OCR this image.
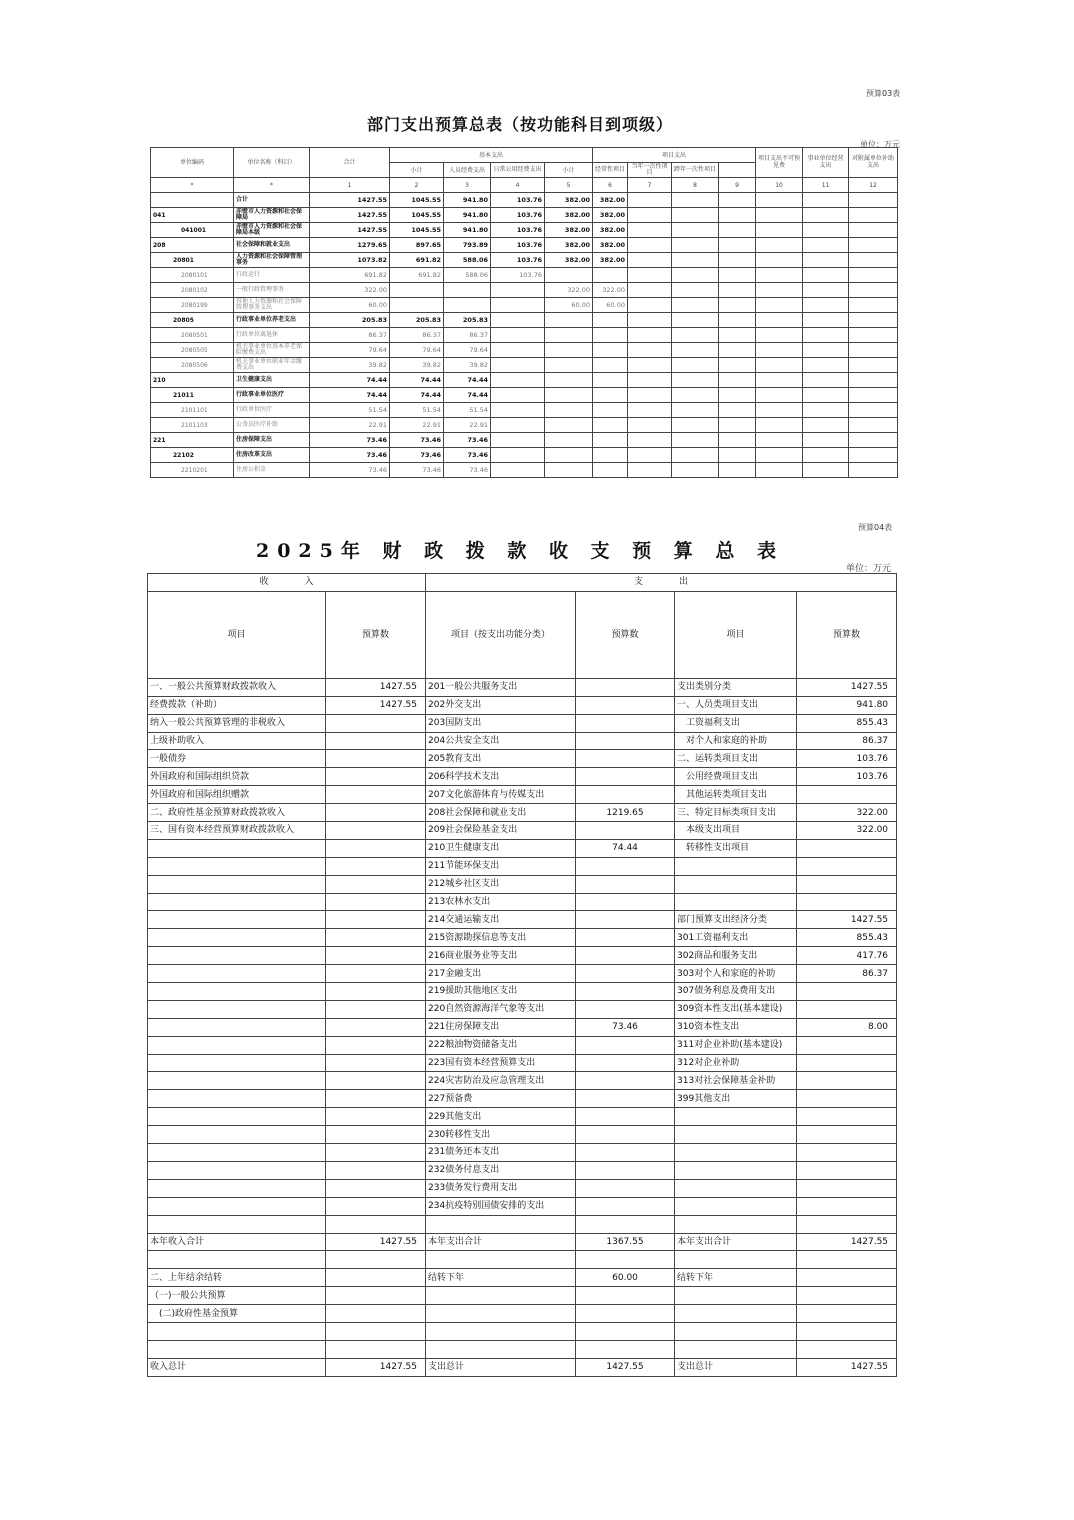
预算03表
部门支出预算总表（按功能科目到项级）
单位：万元
单位编码	单位名称（科目）	合计	基本支出				项目支出				项目支出不可预见费	事业单位经营支出	对附属单位补助支出
			小计	人员经费支出	日常公用经费支出	小计	经常性项目	当年一次性项目	跨年一次性项目				
*	*	1	2	3	4	5	6	7	8	9	10	11	12
	合计	1427.55	1045.55	941.80	103.76	382.00	382.00						
041	赤壁市人力资源和社会保障局	1427.55	1045.55	941.80	103.76	382.00	382.00						
041001	赤壁市人力资源和社会保障局本级	1427.55	1045.55	941.80	103.76	382.00	382.00						
208	社会保障和就业支出	1279.65	897.65	793.89	103.76	382.00	382.00						
20801	人力资源和社会保障管理事务	1073.82	691.82	588.06	103.76	382.00	382.00						
2080101	行政运行	691.82	691.82	588.06	103.76								
2080102	一般行政管理事务	322.00				322.00	322.00						
2080199	其他人力资源和社会保障管理事务支出	60.00				60.00	60.00						
20805	行政事业单位养老支出	205.83	205.83	205.83									
2080501	行政单位离退休	86.37	86.37	86.37									
2080505	机关事业单位基本养老保险缴费支出	79.64	79.64	79.64									
2080506	机关事业单位职业年金缴费支出	39.82	39.82	39.82									
210	卫生健康支出	74.44	74.44	74.44									
21011	行政事业单位医疗	74.44	74.44	74.44									
2101101	行政单位医疗	51.54	51.54	51.54									
2101103	公务员医疗补助	22.91	22.91	22.91									
221	住房保障支出	73.46	73.46	73.46									
22102	住房改革支出	73.46	73.46	73.46									
2210201	住房公积金	73.46	73.46	73.46									
预算04表
2025年 财 政 拨 款 收 支 预 算 总 表
单位：万元
收　　　　入		支　　　　出			
项目	预算数	项目（按支出功能分类）	预算数	项目	预算数
一、一般公共预算财政拨款收入	1427.55	201一般公共服务支出		支出类别分类	1427.55
经费拨款（补助）	1427.55	202外交支出		一、人员类项目支出	941.80
纳入一般公共预算管理的非税收入		203国防支出		　工资福利支出	855.43
上级补助收入		204公共安全支出		　对个人和家庭的补助	86.37
一般债券		205教育支出		二、运转类项目支出	103.76
外国政府和国际组织贷款		206科学技术支出		　公用经费项目支出	103.76
外国政府和国际组织赠款		207文化旅游体育与传媒支出		　其他运转类项目支出	
二、政府性基金预算财政拨款收入		208社会保障和就业支出	1219.65	三、特定目标类项目支出	322.00
三、国有资本经营预算财政拨款收入		209社会保险基金支出		　本级支出项目	322.00
		210卫生健康支出	74.44	　转移性支出项目	
		211节能环保支出			
		212城乡社区支出			
		213农林水支出			
		214交通运输支出		部门预算支出经济分类	1427.55
		215资源勘探信息等支出		301工资福利支出	855.43
		216商业服务业等支出		302商品和服务支出	417.76
		217金融支出		303对个人和家庭的补助	86.37
		219援助其他地区支出		307债务利息及费用支出	
		220自然资源海洋气象等支出		309资本性支出(基本建设)	
		221住房保障支出	73.46	310资本性支出	8.00
		222粮油物资储备支出		311对企业补助(基本建设)	
		223国有资本经营预算支出		312对企业补助	
		224灾害防治及应急管理支出		313对社会保障基金补助	
		227预备费		399其他支出	
		229其他支出			
		230转移性支出			
		231债务还本支出			
		232债务付息支出			
		233债务发行费用支出			
		234抗疫特别国债安排的支出			

本年收入合计	1427.55	本年支出合计	1367.55	本年支出合计	1427.55

二、上年结余结转		结转下年	60.00	结转下年	
（一)一般公共预算					
　(二)政府性基金预算					

收入总计	1427.55	支出总计	1427.55	支出总计	1427.55
